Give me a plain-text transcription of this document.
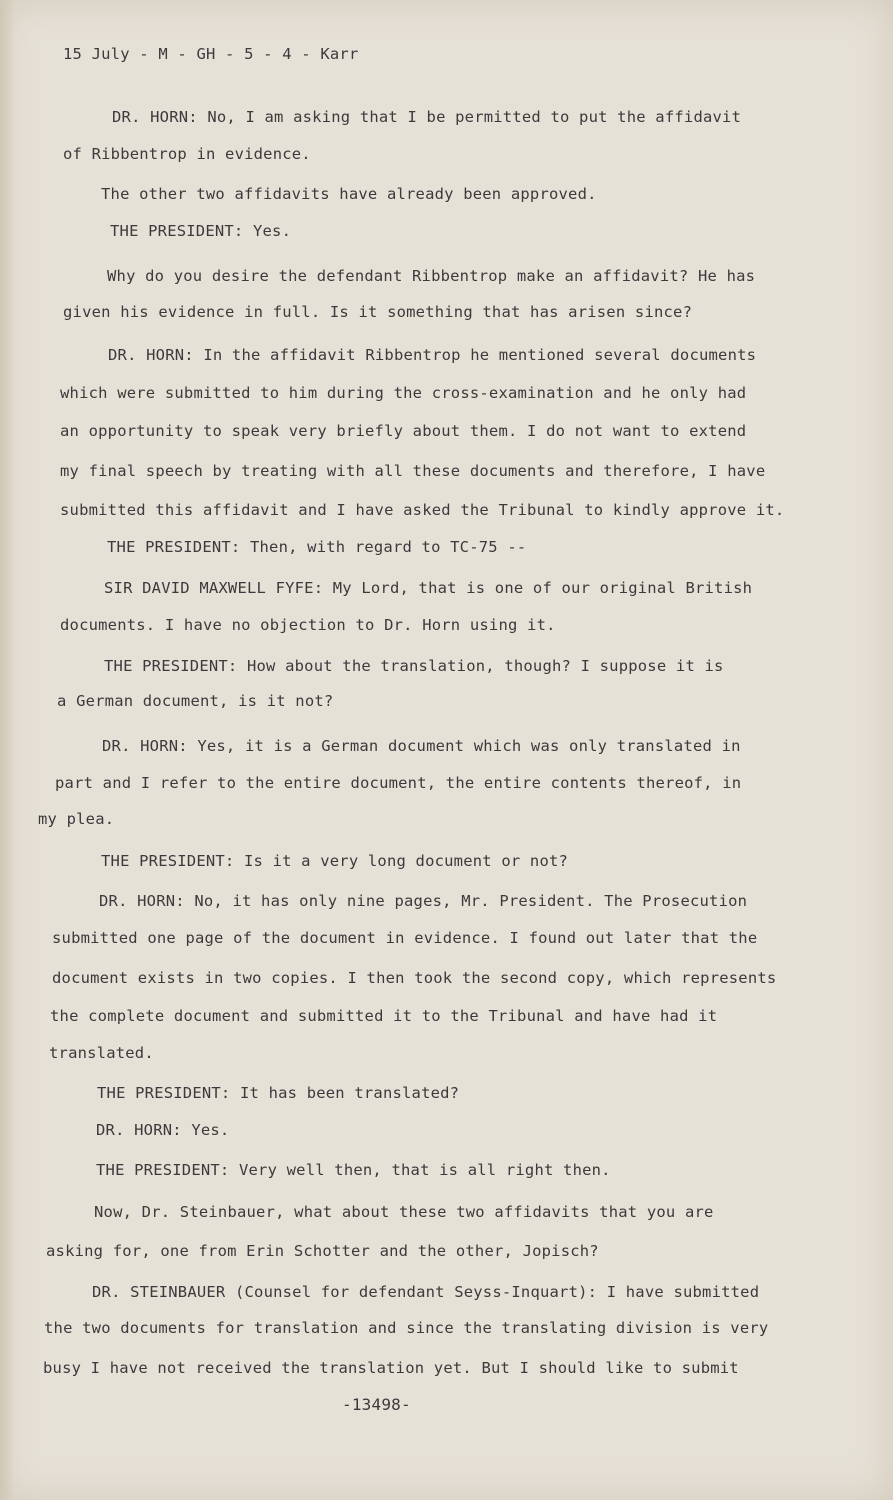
15 July - M - GH - 5 - 4 - Karr
DR. HORN: No, I am asking that I be permitted to put the affidavit
of Ribbentrop in evidence.
The other two affidavits have already been approved.
THE PRESIDENT: Yes.
Why do you desire the defendant Ribbentrop make an affidavit? He has
given his evidence in full. Is it something that has arisen since?
DR. HORN: In the affidavit Ribbentrop he mentioned several documents
which were submitted to him during the cross-examination and he only had
an opportunity to speak very briefly about them. I do not want to extend
my final speech by treating with all these documents and therefore, I have
submitted this affidavit and I have asked the Tribunal to kindly approve it.
THE PRESIDENT: Then, with regard to TC-75 --
SIR DAVID MAXWELL FYFE: My Lord, that is one of our original British
documents. I have no objection to Dr. Horn using it.
THE PRESIDENT: How about the translation, though? I suppose it is
a German document, is it not?
DR. HORN: Yes, it is a German document which was only translated in
part and I refer to the entire document, the entire contents thereof, in
my plea.
THE PRESIDENT: Is it a very long document or not?
DR. HORN: No, it has only nine pages, Mr. President. The Prosecution
submitted one page of the document in evidence. I found out later that the
document exists in two copies. I then took the second copy, which represents
the complete document and submitted it to the Tribunal and have had it
translated.
THE PRESIDENT: It has been translated?
DR. HORN: Yes.
THE PRESIDENT: Very well then, that is all right then.
Now, Dr. Steinbauer, what about these two affidavits that you are
asking for, one from Erin Schotter and the other, Jopisch?
DR. STEINBAUER (Counsel for defendant Seyss-Inquart): I have submitted
the two documents for translation and since the translating division is very
busy I have not received the translation yet. But I should like to submit
-13498-
